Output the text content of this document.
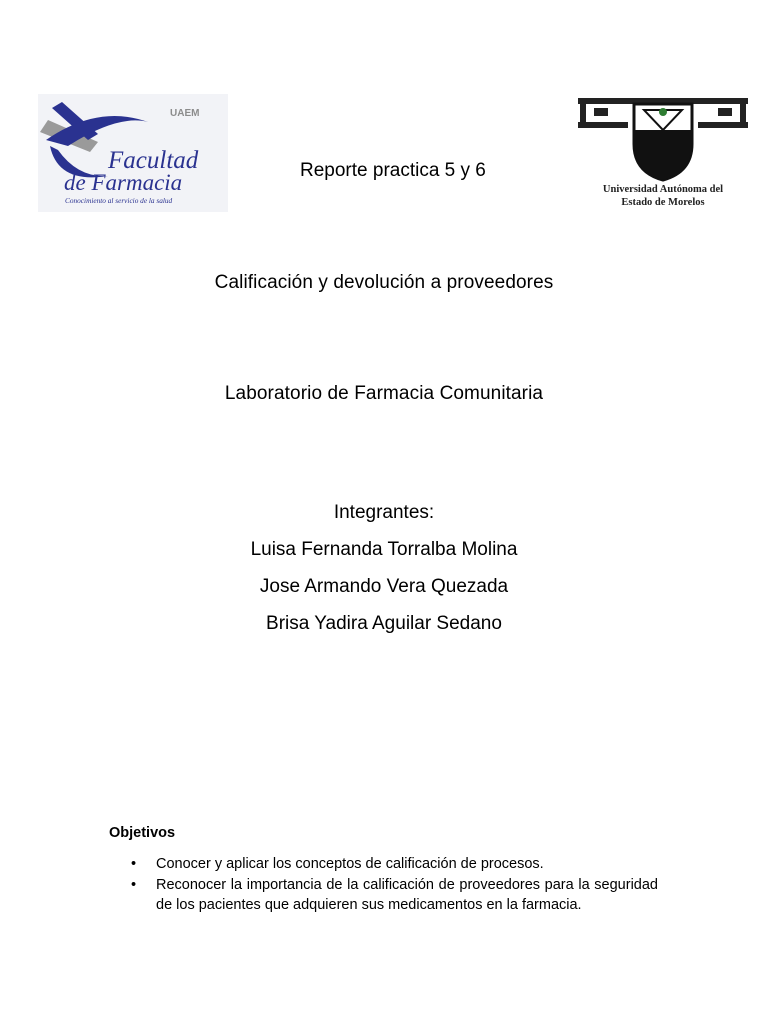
UAEM
Facultad
de Farmacia
Conocimiento al servicio de la salud
Reporte practica 5 y 6
Universidad Autónoma del
Estado de Morelos
Calificación y devolución a proveedores
Laboratorio de Farmacia Comunitaria
Integrantes:
Luisa Fernanda Torralba Molina
Jose Armando Vera Quezada
Brisa Yadira Aguilar Sedano
Objetivos
• Conocer y aplicar los conceptos de calificación de procesos.
• Reconocer la importancia de la calificación de proveedores para la seguridad de los pacientes que adquieren sus medicamentos en la farmacia.
